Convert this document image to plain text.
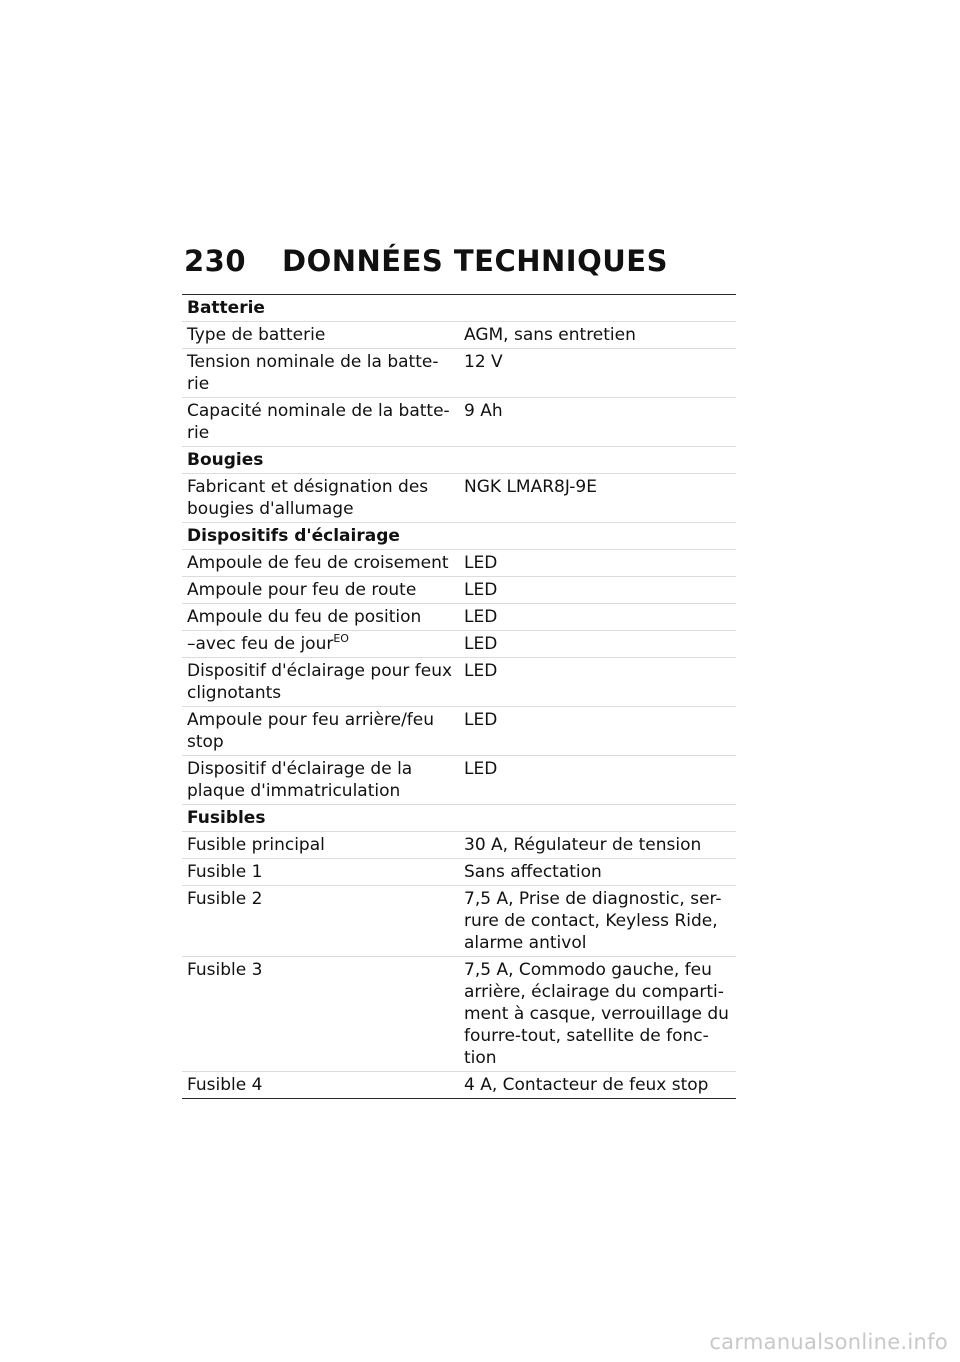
230 DONNÉES TECHNIQUES
Batterie	
Type de batterie	AGM, sans entretien
Tension nominale de la batte-
rie	12 V
Capacité nominale de la batte-
rie	9 Ah
Bougies	
Fabricant et désignation des
bougies d'allumage	NGK LMAR8J-9E
Dispositifs d'éclairage	
Ampoule de feu de croisement	LED
Ampoule pour feu de route	LED
Ampoule du feu de position	LED
–avec feu de jour$^{EO}$	LED
Dispositif d'éclairage pour feux
clignotants	LED
Ampoule pour feu arrière/feu
stop	LED
Dispositif d'éclairage de la
plaque d'immatriculation	LED
Fusibles	
Fusible principal	30 A, Régulateur de tension
Fusible 1	Sans affectation
Fusible 2	7,5 A, Prise de diagnostic, ser-
rure de contact, Keyless Ride,
alarme antivol
Fusible 3	7,5 A, Commodo gauche, feu
arrière, éclairage du comparti-
ment à casque, verrouillage du
fourre-tout, satellite de fonc-
tion
Fusible 4	4 A, Contacteur de feux stop
carmanualsonline.info
